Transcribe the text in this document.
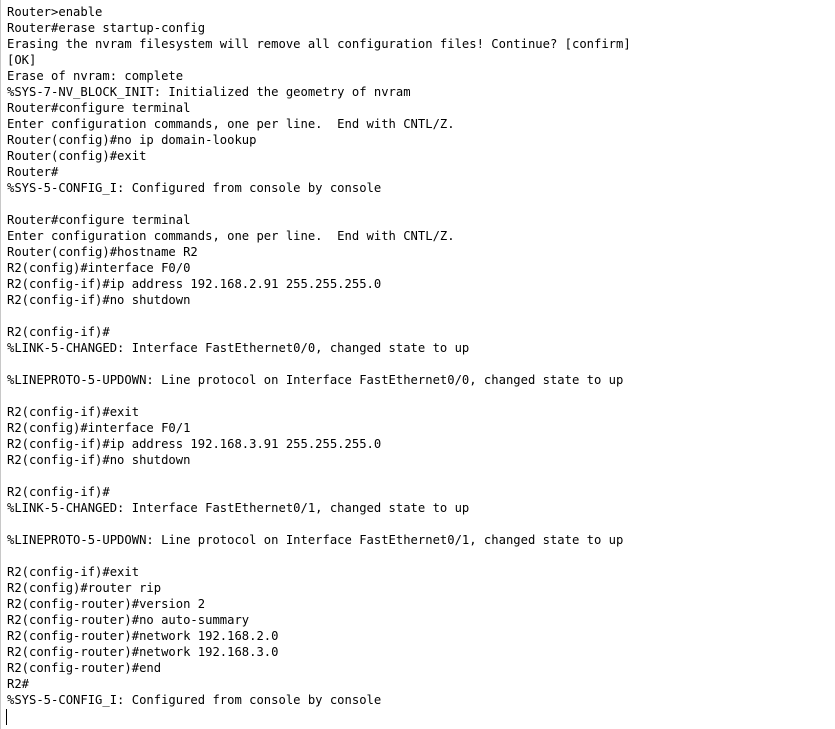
Router>enable
Router#erase startup-config
Erasing the nvram filesystem will remove all configuration files! Continue? [confirm]
[OK]
Erase of nvram: complete
%SYS-7-NV_BLOCK_INIT: Initialized the geometry of nvram
Router#configure terminal
Enter configuration commands, one per line.  End with CNTL/Z.
Router(config)#no ip domain-lookup
Router(config)#exit
Router#
%SYS-5-CONFIG_I: Configured from console by console
Router#configure terminal
Enter configuration commands, one per line.  End with CNTL/Z.
Router(config)#hostname R2
R2(config)#interface F0/0
R2(config-if)#ip address 192.168.2.91 255.255.255.0
R2(config-if)#no shutdown
R2(config-if)#
%LINK-5-CHANGED: Interface FastEthernet0/0, changed state to up
%LINEPROTO-5-UPDOWN: Line protocol on Interface FastEthernet0/0, changed state to up
R2(config-if)#exit
R2(config)#interface F0/1
R2(config-if)#ip address 192.168.3.91 255.255.255.0
R2(config-if)#no shutdown
R2(config-if)#
%LINK-5-CHANGED: Interface FastEthernet0/1, changed state to up
%LINEPROTO-5-UPDOWN: Line protocol on Interface FastEthernet0/1, changed state to up
R2(config-if)#exit
R2(config)#router rip
R2(config-router)#version 2
R2(config-router)#no auto-summary
R2(config-router)#network 192.168.2.0
R2(config-router)#network 192.168.3.0
R2(config-router)#end
R2#
%SYS-5-CONFIG_I: Configured from console by console
